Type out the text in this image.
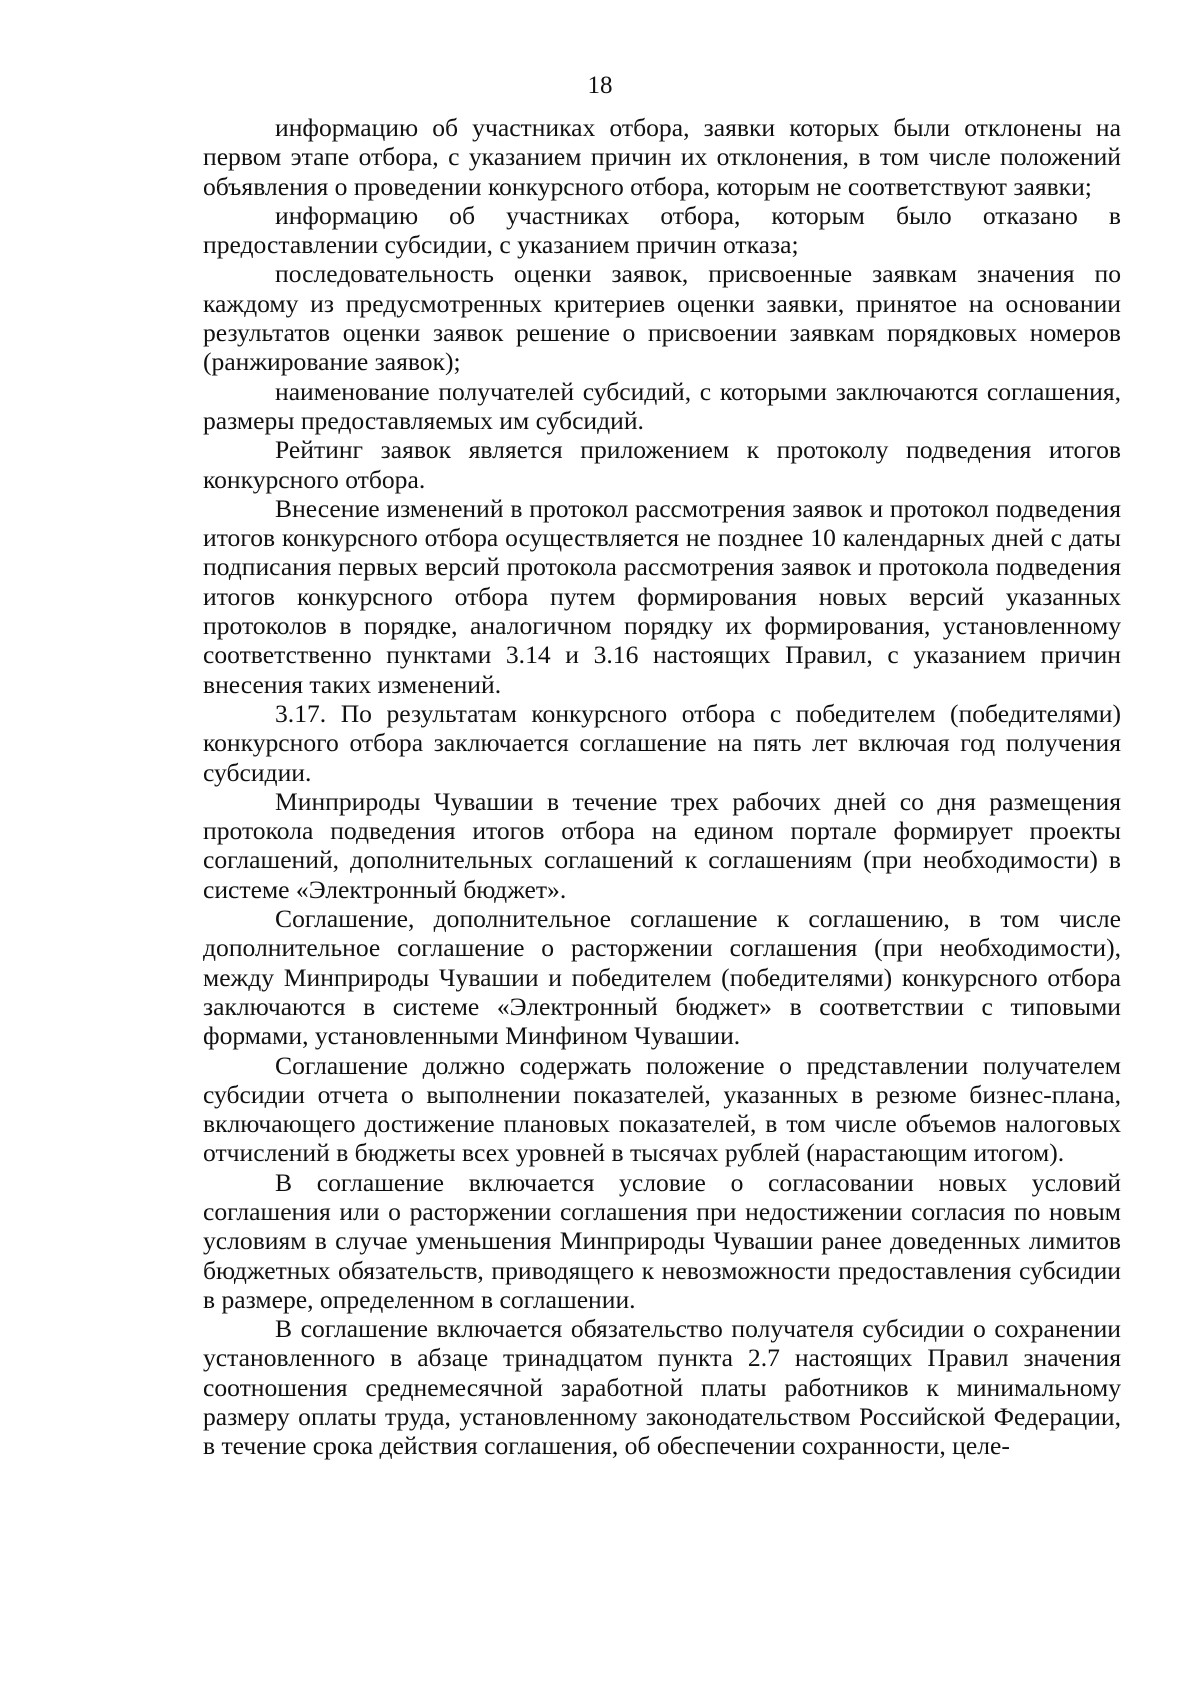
18

информацию об участниках отбора, заявки которых были отклонены на первом этапе отбора, с указанием причин их отклонения, в том числе положений объявления о проведении конкурсного отбора, которым не соответствуют заявки;

информацию об участниках отбора, которым было отказано в предоставлении субсидии, с указанием причин отказа;

последовательность оценки заявок, присвоенные заявкам значения по каждому из предусмотренных критериев оценки заявки, принятое на основании результатов оценки заявок решение о присвоении заявкам порядковых номеров (ранжирование заявок);

наименование получателей субсидий, с которыми заключаются соглашения, размеры предоставляемых им субсидий.

Рейтинг заявок является приложением к протоколу подведения итогов конкурсного отбора.

Внесение изменений в протокол рассмотрения заявок и протокол подведения итогов конкурсного отбора осуществляется не позднее 10 календарных дней с даты подписания первых версий протокола рассмотрения заявок и протокола подведения итогов конкурсного отбора путем формирования новых версий указанных протоколов в порядке, аналогичном порядку их формирования, установленному соответственно пунктами 3.14 и 3.16 настоящих Правил, с указанием причин внесения таких изменений.

3.17. По результатам конкурсного отбора с победителем (победителями) конкурсного отбора заключается соглашение на пять лет включая год получения субсидии.

Минприроды Чувашии в течение трех рабочих дней со дня размещения протокола подведения итогов отбора на едином портале формирует проекты соглашений, дополнительных соглашений к соглашениям (при необходимости) в системе «Электронный бюджет».

Соглашение, дополнительное соглашение к соглашению, в том числе дополнительное соглашение о расторжении соглашения (при необходимости), между Минприроды Чувашии и победителем (победителями) конкурсного отбора заключаются в системе «Электронный бюджет» в соответствии с типовыми формами, установленными Минфином Чувашии.

Соглашение должно содержать положение о представлении получателем субсидии отчета о выполнении показателей, указанных в резюме бизнес-плана, включающего достижение плановых показателей, в том числе объемов налоговых отчислений в бюджеты всех уровней в тысячах рублей (нарастающим итогом).

В соглашение включается условие о согласовании новых условий соглашения или о расторжении соглашения при недостижении согласия по новым условиям в случае уменьшения Минприроды Чувашии ранее доведенных лимитов бюджетных обязательств, приводящего к невозможности предоставления субсидии в размере, определенном в соглашении.

В соглашение включается обязательство получателя субсидии о сохранении установленного в абзаце тринадцатом пункта 2.7 настоящих Правил значения соотношения среднемесячной заработной платы работников к минимальному размеру оплаты труда, установленному законодательством Российской Федерации, в течение срока действия соглашения, об обеспечении сохранности, целе-
